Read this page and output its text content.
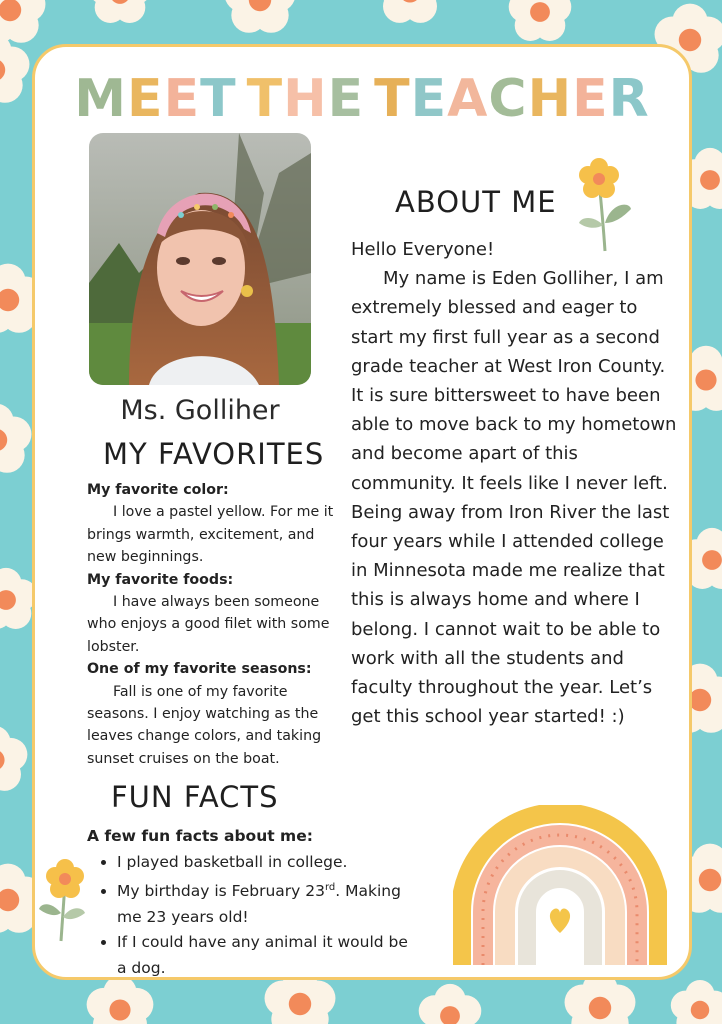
MEET THE TEACHER
Ms. Golliher
MY FAVORITES

My favorite color:

I love a pastel yellow. For me it brings warmth, excitement, and new beginnings.

My favorite foods:

I have always been someone who enjoys a good filet with some lobster.

One of my favorite seasons:

Fall is one of my favorite seasons. I enjoy watching as the leaves change colors, and taking sunset cruises on the boat.

ABOUT ME

Hello Everyone!

My name is Eden Golliher, I am extremely blessed and eager to start my first full year as a second grade teacher at West Iron County. It is sure bittersweet to have been able to move back to my hometown and become apart of this community. It feels like I never left. Being away from Iron River the last four years while I attended college in Minnesota made me realize that this is always home and where I belong. I cannot wait to be able to work with all the students and faculty throughout the year. Let’s get this school year started! :)

FUN FACTS

A few fun facts about me:

• I played basketball in college.
• My birthday is February 23rd. Making me 23 years old!
• If I could have any animal it would be a dog.
